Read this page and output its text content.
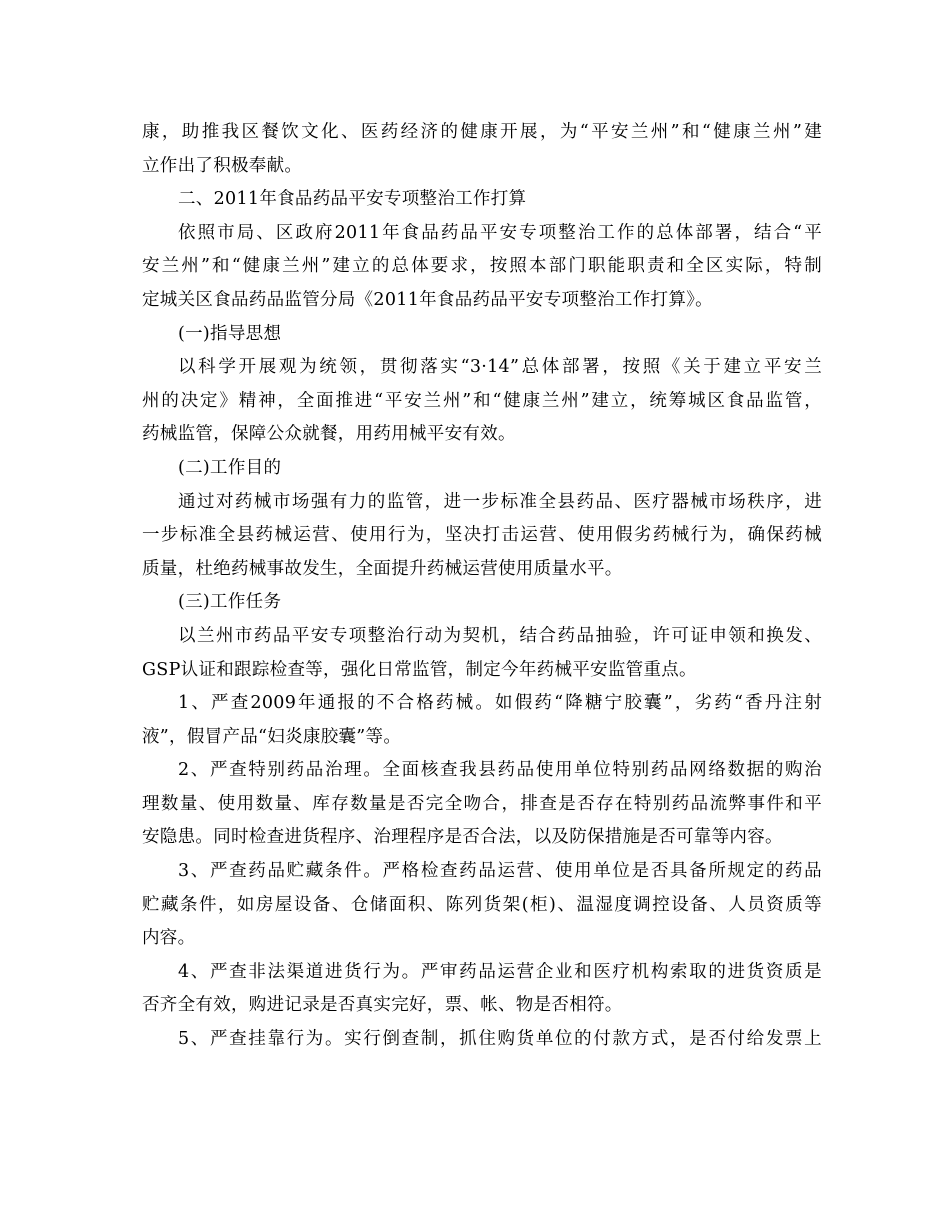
康，助推我区餐饮文化、医药经济的健康开展，为“平安兰州”和“健康兰州”建
立作出了积极奉献。
二、2011年食品药品平安专项整治工作打算
依照市局、区政府2011年食品药品平安专项整治工作的总体部署，结合“平
安兰州”和“健康兰州”建立的总体要求，按照本部门职能职责和全区实际，特制
定城关区食品药品监管分局《2011年食品药品平安专项整治工作打算》。
(一)指导思想
以科学开展观为统领，贯彻落实“3·14”总体部署，按照《关于建立平安兰
州的决定》精神，全面推进“平安兰州”和“健康兰州”建立，统筹城区食品监管，
药械监管，保障公众就餐，用药用械平安有效。
(二)工作目的
通过对药械市场强有力的监管，进一步标准全县药品、医疗器械市场秩序，进
一步标准全县药械运营、使用行为，坚决打击运营、使用假劣药械行为，确保药械
质量，杜绝药械事故发生，全面提升药械运营使用质量水平。
(三)工作任务
以兰州市药品平安专项整治行动为契机，结合药品抽验，许可证申领和换发、
GSP认证和跟踪检查等，强化日常监管，制定今年药械平安监管重点。
1、严查2009年通报的不合格药械。如假药“降糖宁胶囊”，劣药“香丹注射
液”，假冒产品“妇炎康胶囊”等。
2、严查特别药品治理。全面核查我县药品使用单位特别药品网络数据的购治
理数量、使用数量、库存数量是否完全吻合，排查是否存在特别药品流弊事件和平
安隐患。同时检查进货程序、治理程序是否合法，以及防保措施是否可靠等内容。
3、严查药品贮藏条件。严格检查药品运营、使用单位是否具备所规定的药品
贮藏条件，如房屋设备、仓储面积、陈列货架(柜)、温湿度调控设备、人员资质等
内容。
4、严查非法渠道进货行为。严审药品运营企业和医疗机构索取的进货资质是
否齐全有效，购进记录是否真实完好，票、帐、物是否相符。
5、严查挂靠行为。实行倒查制，抓住购货单位的付款方式，是否付给发票上
